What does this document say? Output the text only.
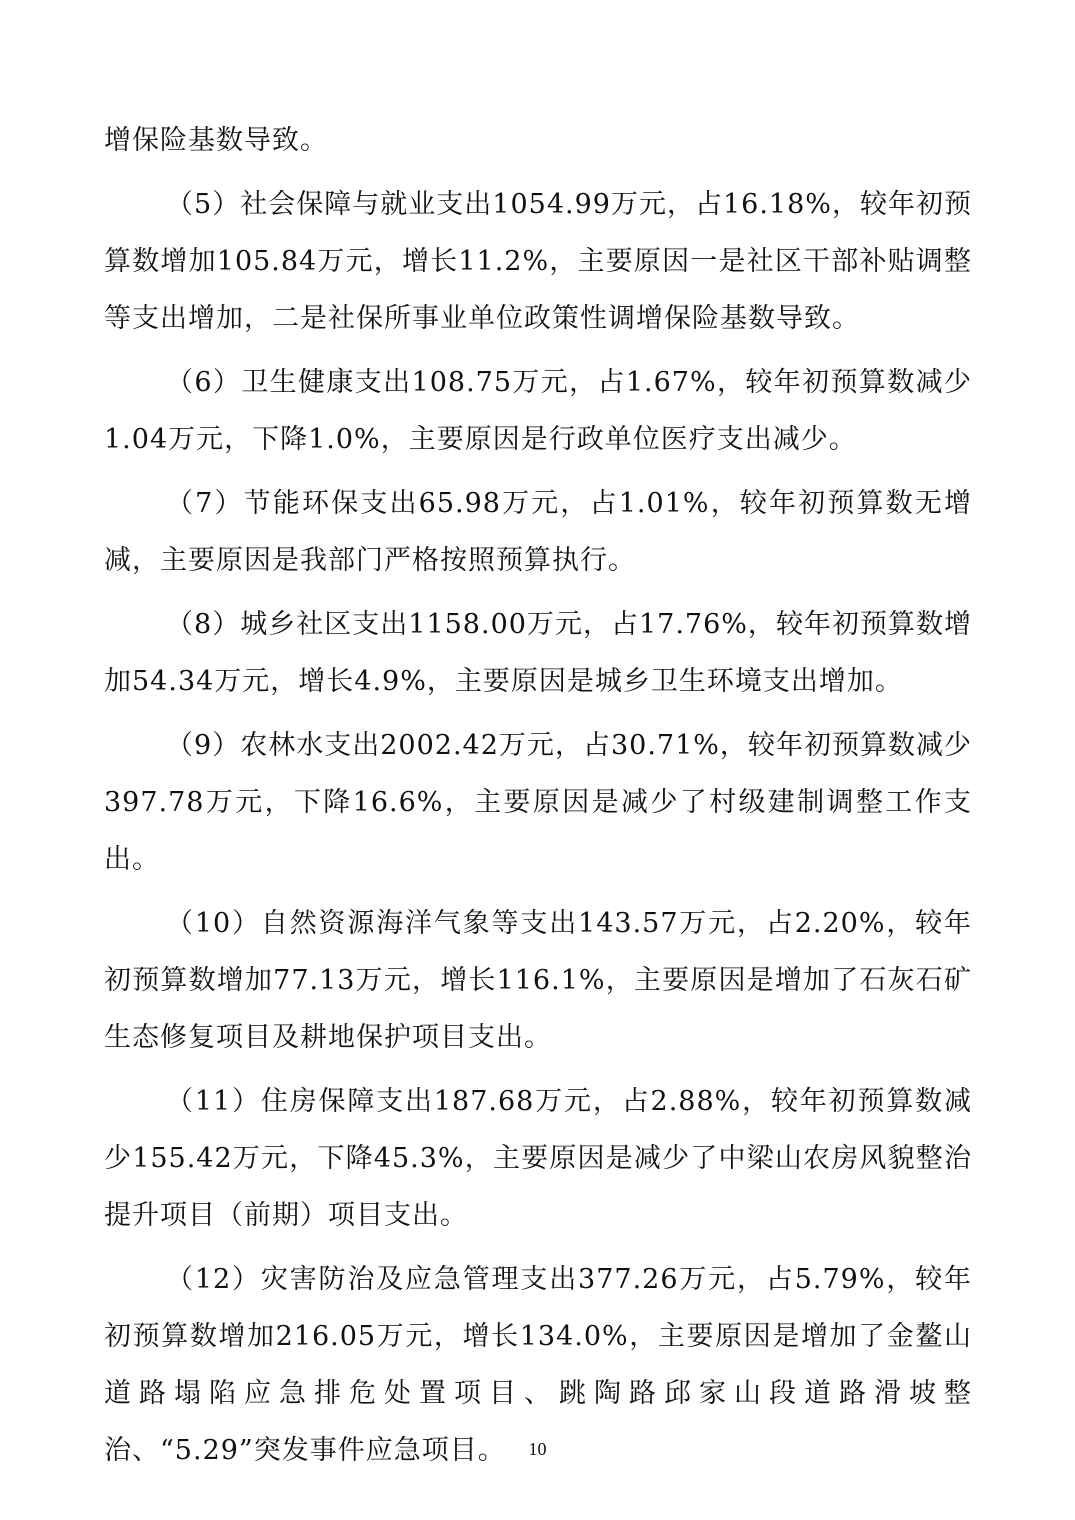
增保险基数导致。

（5）社会保障与就业支出1054.99万元，占16.18%，较年初预算数增加105.84万元，增长11.2%，主要原因一是社区干部补贴调整等支出增加，二是社保所事业单位政策性调增保险基数导致。

（6）卫生健康支出108.75万元，占1.67%，较年初预算数减少1.04万元，下降1.0%，主要原因是行政单位医疗支出减少。

（7）节能环保支出65.98万元，占1.01%，较年初预算数无增减，主要原因是我部门严格按照预算执行。

（8）城乡社区支出1158.00万元，占17.76%，较年初预算数增加54.34万元，增长4.9%，主要原因是城乡卫生环境支出增加。

（9）农林水支出2002.42万元，占30.71%，较年初预算数减少397.78万元，下降16.6%，主要原因是减少了村级建制调整工作支出。

（10）自然资源海洋气象等支出143.57万元，占2.20%，较年初预算数增加77.13万元，增长116.1%，主要原因是增加了石灰石矿生态修复项目及耕地保护项目支出。

（11）住房保障支出187.68万元，占2.88%，较年初预算数减少155.42万元，下降45.3%，主要原因是减少了中梁山农房风貌整治提升项目（前期）项目支出。

（12）灾害防治及应急管理支出377.26万元，占5.79%，较年初预算数增加216.05万元，增长134.0%，主要原因是增加了金鳌山道路塌陷应急排危处置项目、跳陶路邱家山段道路滑坡整治、“5.29”突发事件应急项目。	10
